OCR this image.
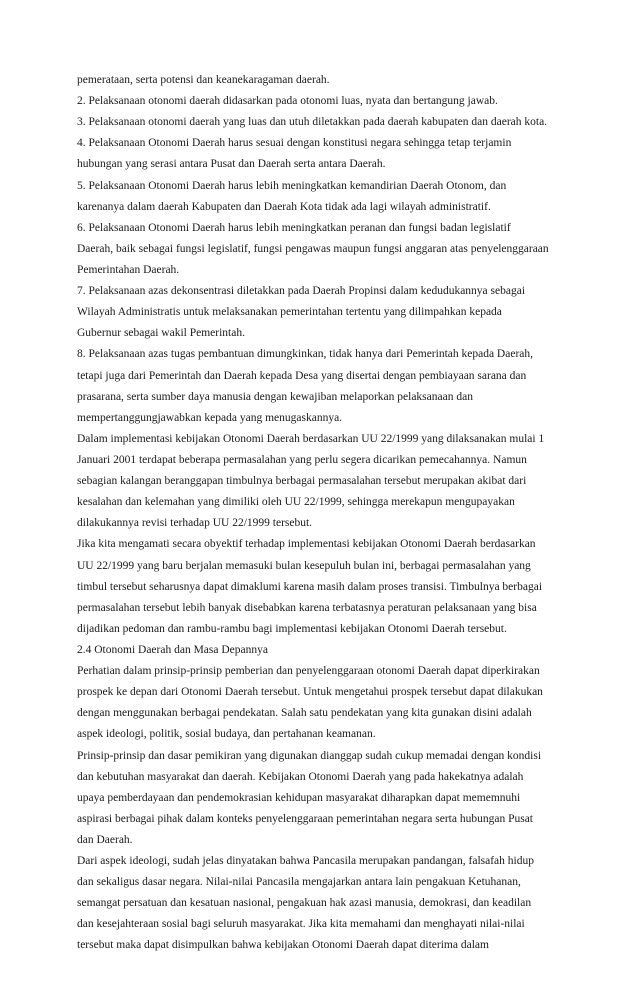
pemerataan, serta potensi dan keanekaragaman daerah.
2. Pelaksanaan otonomi daerah didasarkan pada otonomi luas, nyata dan bertangung jawab.
3. Pelaksanaan otonomi daerah yang luas dan utuh diletakkan pada daerah kabupaten dan daerah kota.
4. Pelaksanaan Otonomi Daerah harus sesuai dengan konstitusi negara sehingga tetap terjamin
hubungan yang serasi antara Pusat dan Daerah serta antara Daerah.
5. Pelaksanaan Otonomi Daerah harus lebih meningkatkan kemandirian Daerah Otonom, dan
karenanya dalam daerah Kabupaten dan Daerah Kota tidak ada lagi wilayah administratif.
6. Pelaksanaan Otonomi Daerah harus lebih meningkatkan peranan dan fungsi badan legislatif
Daerah, baik sebagai fungsi legislatif, fungsi pengawas maupun fungsi anggaran atas penyelenggaraan
Pemerintahan Daerah.
7. Pelaksanaan azas dekonsentrasi diletakkan pada Daerah Propinsi dalam kedudukannya sebagai
Wilayah Administratis untuk melaksanakan pemerintahan tertentu yang dilimpahkan kepada
Gubernur sebagai wakil Pemerintah.
8. Pelaksanaan azas tugas pembantuan dimungkinkan, tidak hanya dari Pemerintah kepada Daerah,
tetapi juga dari Pemerintah dan Daerah kepada Desa yang disertai dengan pembiayaan sarana dan
prasarana, serta sumber daya manusia dengan kewajiban melaporkan pelaksanaan dan
mempertanggungjawabkan kepada yang menugaskannya.
Dalam implementasi kebijakan Otonomi Daerah berdasarkan UU 22/1999 yang dilaksanakan mulai 1
Januari 2001 terdapat beberapa permasalahan yang perlu segera dicarikan pemecahannya. Namun
sebagian kalangan beranggapan timbulnya berbagai permasalahan tersebut merupakan akibat dari
kesalahan dan kelemahan yang dimiliki oleh UU 22/1999, sehingga merekapun mengupayakan
dilakukannya revisi terhadap UU 22/1999 tersebut.
Jika kita mengamati secara obyektif terhadap implementasi kebijakan Otonomi Daerah berdasarkan
UU 22/1999 yang baru berjalan memasuki bulan kesepuluh bulan ini, berbagai permasalahan yang
timbul tersebut seharusnya dapat dimaklumi karena masih dalam proses transisi. Timbulnya berbagai
permasalahan tersebut lebih banyak disebabkan karena terbatasnya peraturan pelaksanaan yang bisa
dijadikan pedoman dan rambu-rambu bagi implementasi kebijakan Otonomi Daerah tersebut.
2.4 Otonomi Daerah dan Masa Depannya
Perhatian dalam prinsip-prinsip pemberian dan penyelenggaraan otonomi Daerah dapat diperkirakan
prospek ke depan dari Otonomi Daerah tersebut. Untuk mengetahui prospek tersebut dapat dilakukan
dengan menggunakan berbagai pendekatan. Salah satu pendekatan yang kita gunakan disini adalah
aspek ideologi, politik, sosial budaya, dan pertahanan keamanan.
Prinsip-prinsip dan dasar pemikiran yang digunakan dianggap sudah cukup memadai dengan kondisi
dan kebutuhan masyarakat dan daerah. Kebijakan Otonomi Daerah yang pada hakekatnya adalah
upaya pemberdayaan dan pendemokrasian kehidupan masyarakat diharapkan dapat mememnuhi
aspirasi berbagai pihak dalam konteks penyelenggaraan pemerintahan negara serta hubungan Pusat
dan Daerah.
Dari aspek ideologi, sudah jelas dinyatakan bahwa Pancasila merupakan pandangan, falsafah hidup
dan sekaligus dasar negara. Nilai-nilai Pancasila mengajarkan antara lain pengakuan Ketuhanan,
semangat persatuan dan kesatuan nasional, pengakuan hak azasi manusia, demokrasi, dan keadilan
dan kesejahteraan sosial bagi seluruh masyarakat. Jika kita memahami dan menghayati nilai-nilai
tersebut maka dapat disimpulkan bahwa kebijakan Otonomi Daerah dapat diterima dalam
